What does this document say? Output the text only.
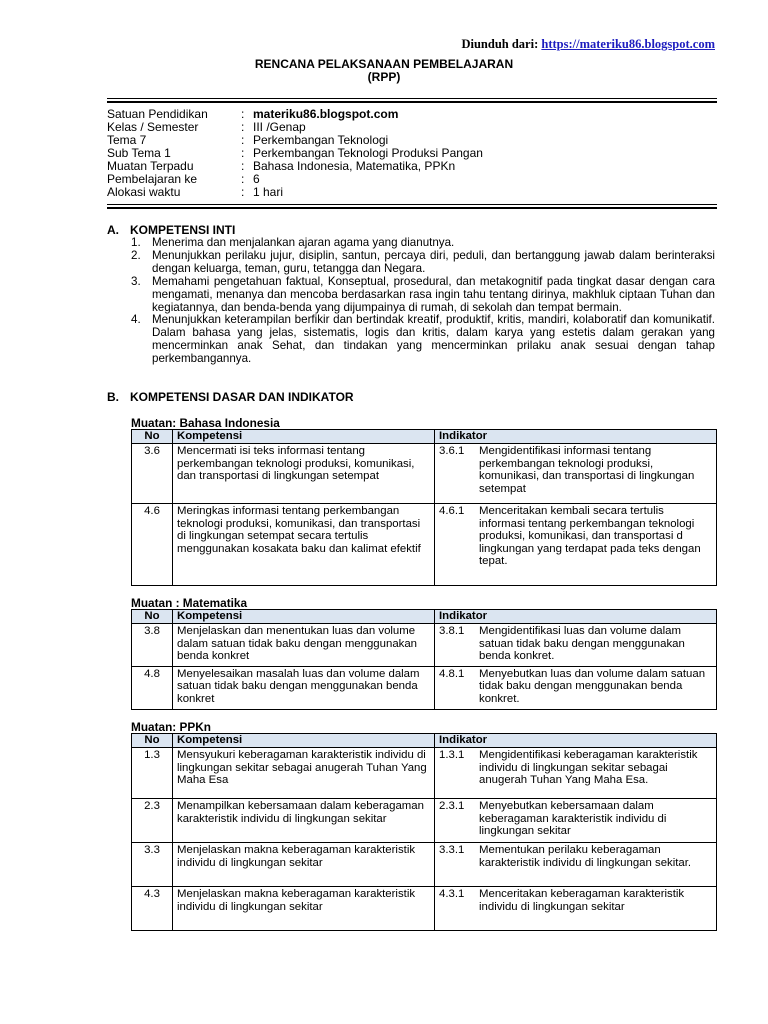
Diunduh dari: https://materiku86.blogspot.com
RENCANA PELAKSANAAN PEMBELAJARAN
(RPP)
Satuan Pendidikan	: materiku86.blogspot.com
Kelas / Semester	: III /Genap
Tema 7	: Perkembangan Teknologi
Sub Tema 1	: Perkembangan Teknologi Produksi Pangan
Muatan Terpadu	: Bahasa Indonesia, Matematika, PPKn
Pembelajaran ke	: 6
Alokasi waktu	: 1 hari
A. KOMPETENSI INTI
1. Menerima dan menjalankan ajaran agama yang dianutnya.
2. Menunjukkan perilaku jujur, disiplin, santun, percaya diri, peduli, dan bertanggung jawab dalam berinteraksi dengan keluarga, teman, guru, tetangga dan Negara.
3. Memahami pengetahuan faktual, Konseptual, prosedural, dan metakognitif pada tingkat dasar dengan cara mengamati, menanya dan mencoba berdasarkan rasa ingin tahu tentang dirinya, makhluk ciptaan Tuhan dan kegiatannya, dan benda-benda yang dijumpainya di rumah, di sekolah dan tempat bermain.
4. Menunjukkan keterampilan berfikir dan bertindak kreatif, produktif, kritis, mandiri, kolaboratif dan komunikatif. Dalam bahasa yang jelas, sistematis, logis dan kritis, dalam karya yang estetis dalam gerakan yang mencerminkan anak Sehat, dan tindakan yang mencerminkan prilaku anak sesuai dengan tahap perkembangannya.
B. KOMPETENSI DASAR DAN INDIKATOR
Muatan: Bahasa Indonesia
No	Kompetensi	Indikator
3.6	Mencermati isi teks informasi tentang perkembangan teknologi produksi, komunikasi, dan transportasi di lingkungan setempat	3.6.1 Mengidentifikasi informasi tentang perkembangan teknologi produksi, komunikasi, dan transportasi di lingkungan setempat

4.6	Meringkas informasi tentang perkembangan teknologi produksi, komunikasi, dan transportasi di lingkungan setempat secara tertulis menggunakan kosakata baku dan kalimat efektif	4.6.1 Menceritakan kembali secara tertulis informasi tentang perkembangan teknologi produksi, komunikasi, dan transportasi d lingkungan yang terdapat pada teks dengan tepat.
Muatan : Matematika
No	Kompetensi	Indikator
3.8	Menjelaskan dan menentukan luas dan volume dalam satuan tidak baku dengan menggunakan benda konkret	3.8.1 Mengidentifikasi luas dan volume dalam satuan tidak baku dengan menggunakan benda konkret.

4.8	Menyelesaikan masalah luas dan volume dalam satuan tidak baku dengan menggunakan benda konkret	4.8.1 Menyebutkan luas dan volume dalam satuan tidak baku dengan menggunakan benda konkret.
Muatan: PPKn
No	Kompetensi	Indikator
1.3	Mensyukuri keberagaman karakteristik individu di lingkungan sekitar sebagai anugerah Tuhan Yang Maha Esa	1.3.1 Mengidentifikasi keberagaman karakteristik individu di lingkungan sekitar sebagai anugerah Tuhan Yang Maha Esa.

2.3	Menampilkan kebersamaan dalam keberagaman karakteristik individu di lingkungan sekitar	2.3.1 Menyebutkan kebersamaan dalam keberagaman karakteristik individu di lingkungan sekitar

3.3	Menjelaskan makna keberagaman karakteristik individu di lingkungan sekitar	3.3.1 Mementukan perilaku keberagaman karakteristik individu di lingkungan sekitar.

4.3	Menjelaskan makna keberagaman karakteristik individu di lingkungan sekitar	4.3.1 Menceritakan keberagaman karakteristik individu di lingkungan sekitar
